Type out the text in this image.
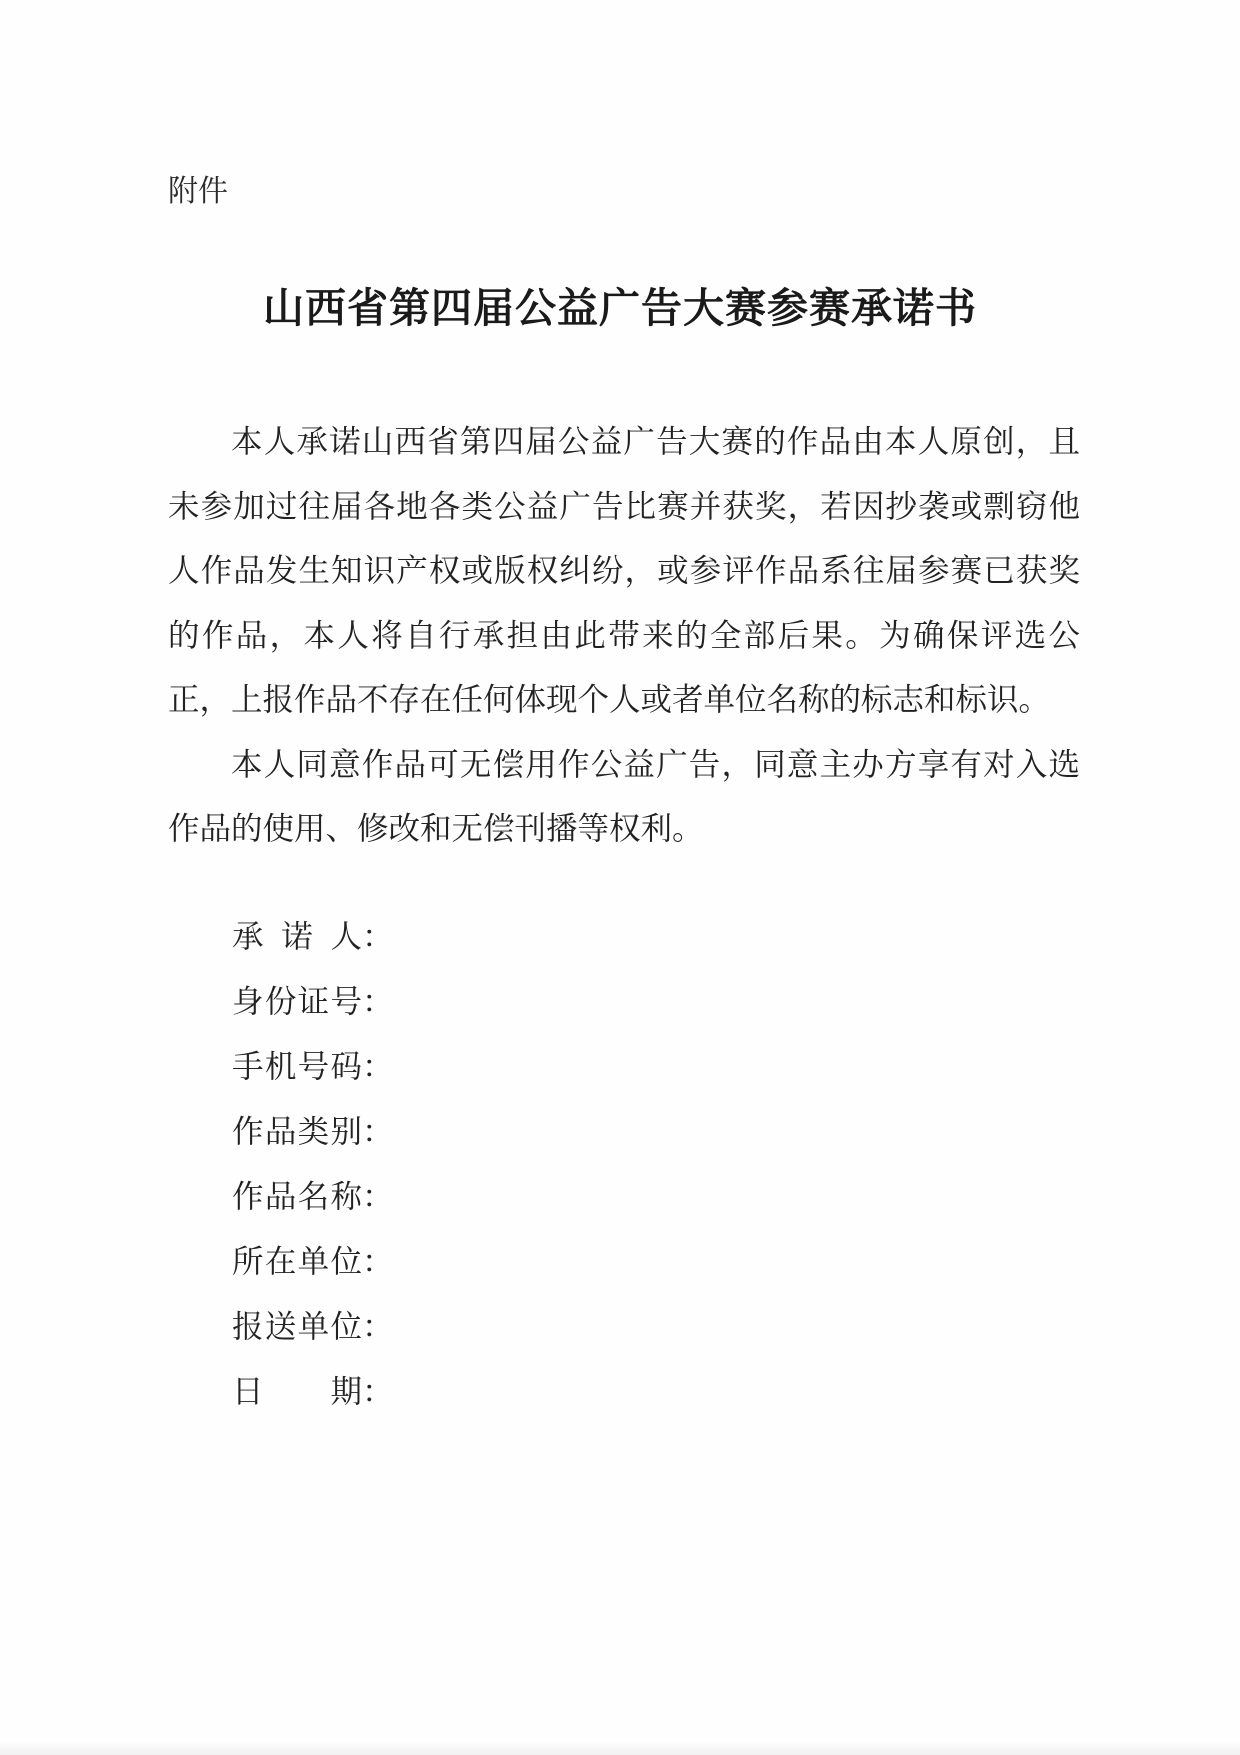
附件
山西省第四届公益广告大赛参赛承诺书

本人承诺山西省第四届公益广告大赛的作品由本人原创，且未参加过往届各地各类公益广告比赛并获奖，若因抄袭或剽窃他人作品发生知识产权或版权纠纷，或参评作品系往届参赛已获奖的作品，本人将自行承担由此带来的全部后果。为确保评选公正，上报作品不存在任何体现个人或者单位名称的标志和标识。

本人同意作品可无偿用作公益广告，同意主办方享有对入选作品的使用、修改和无偿刊播等权利。

承诺人 ：
身份证号 ：
手机号码 ：
作品类别 ：
作品名称 ：
所在单位 ：
报送单位 ：
日期 ：
